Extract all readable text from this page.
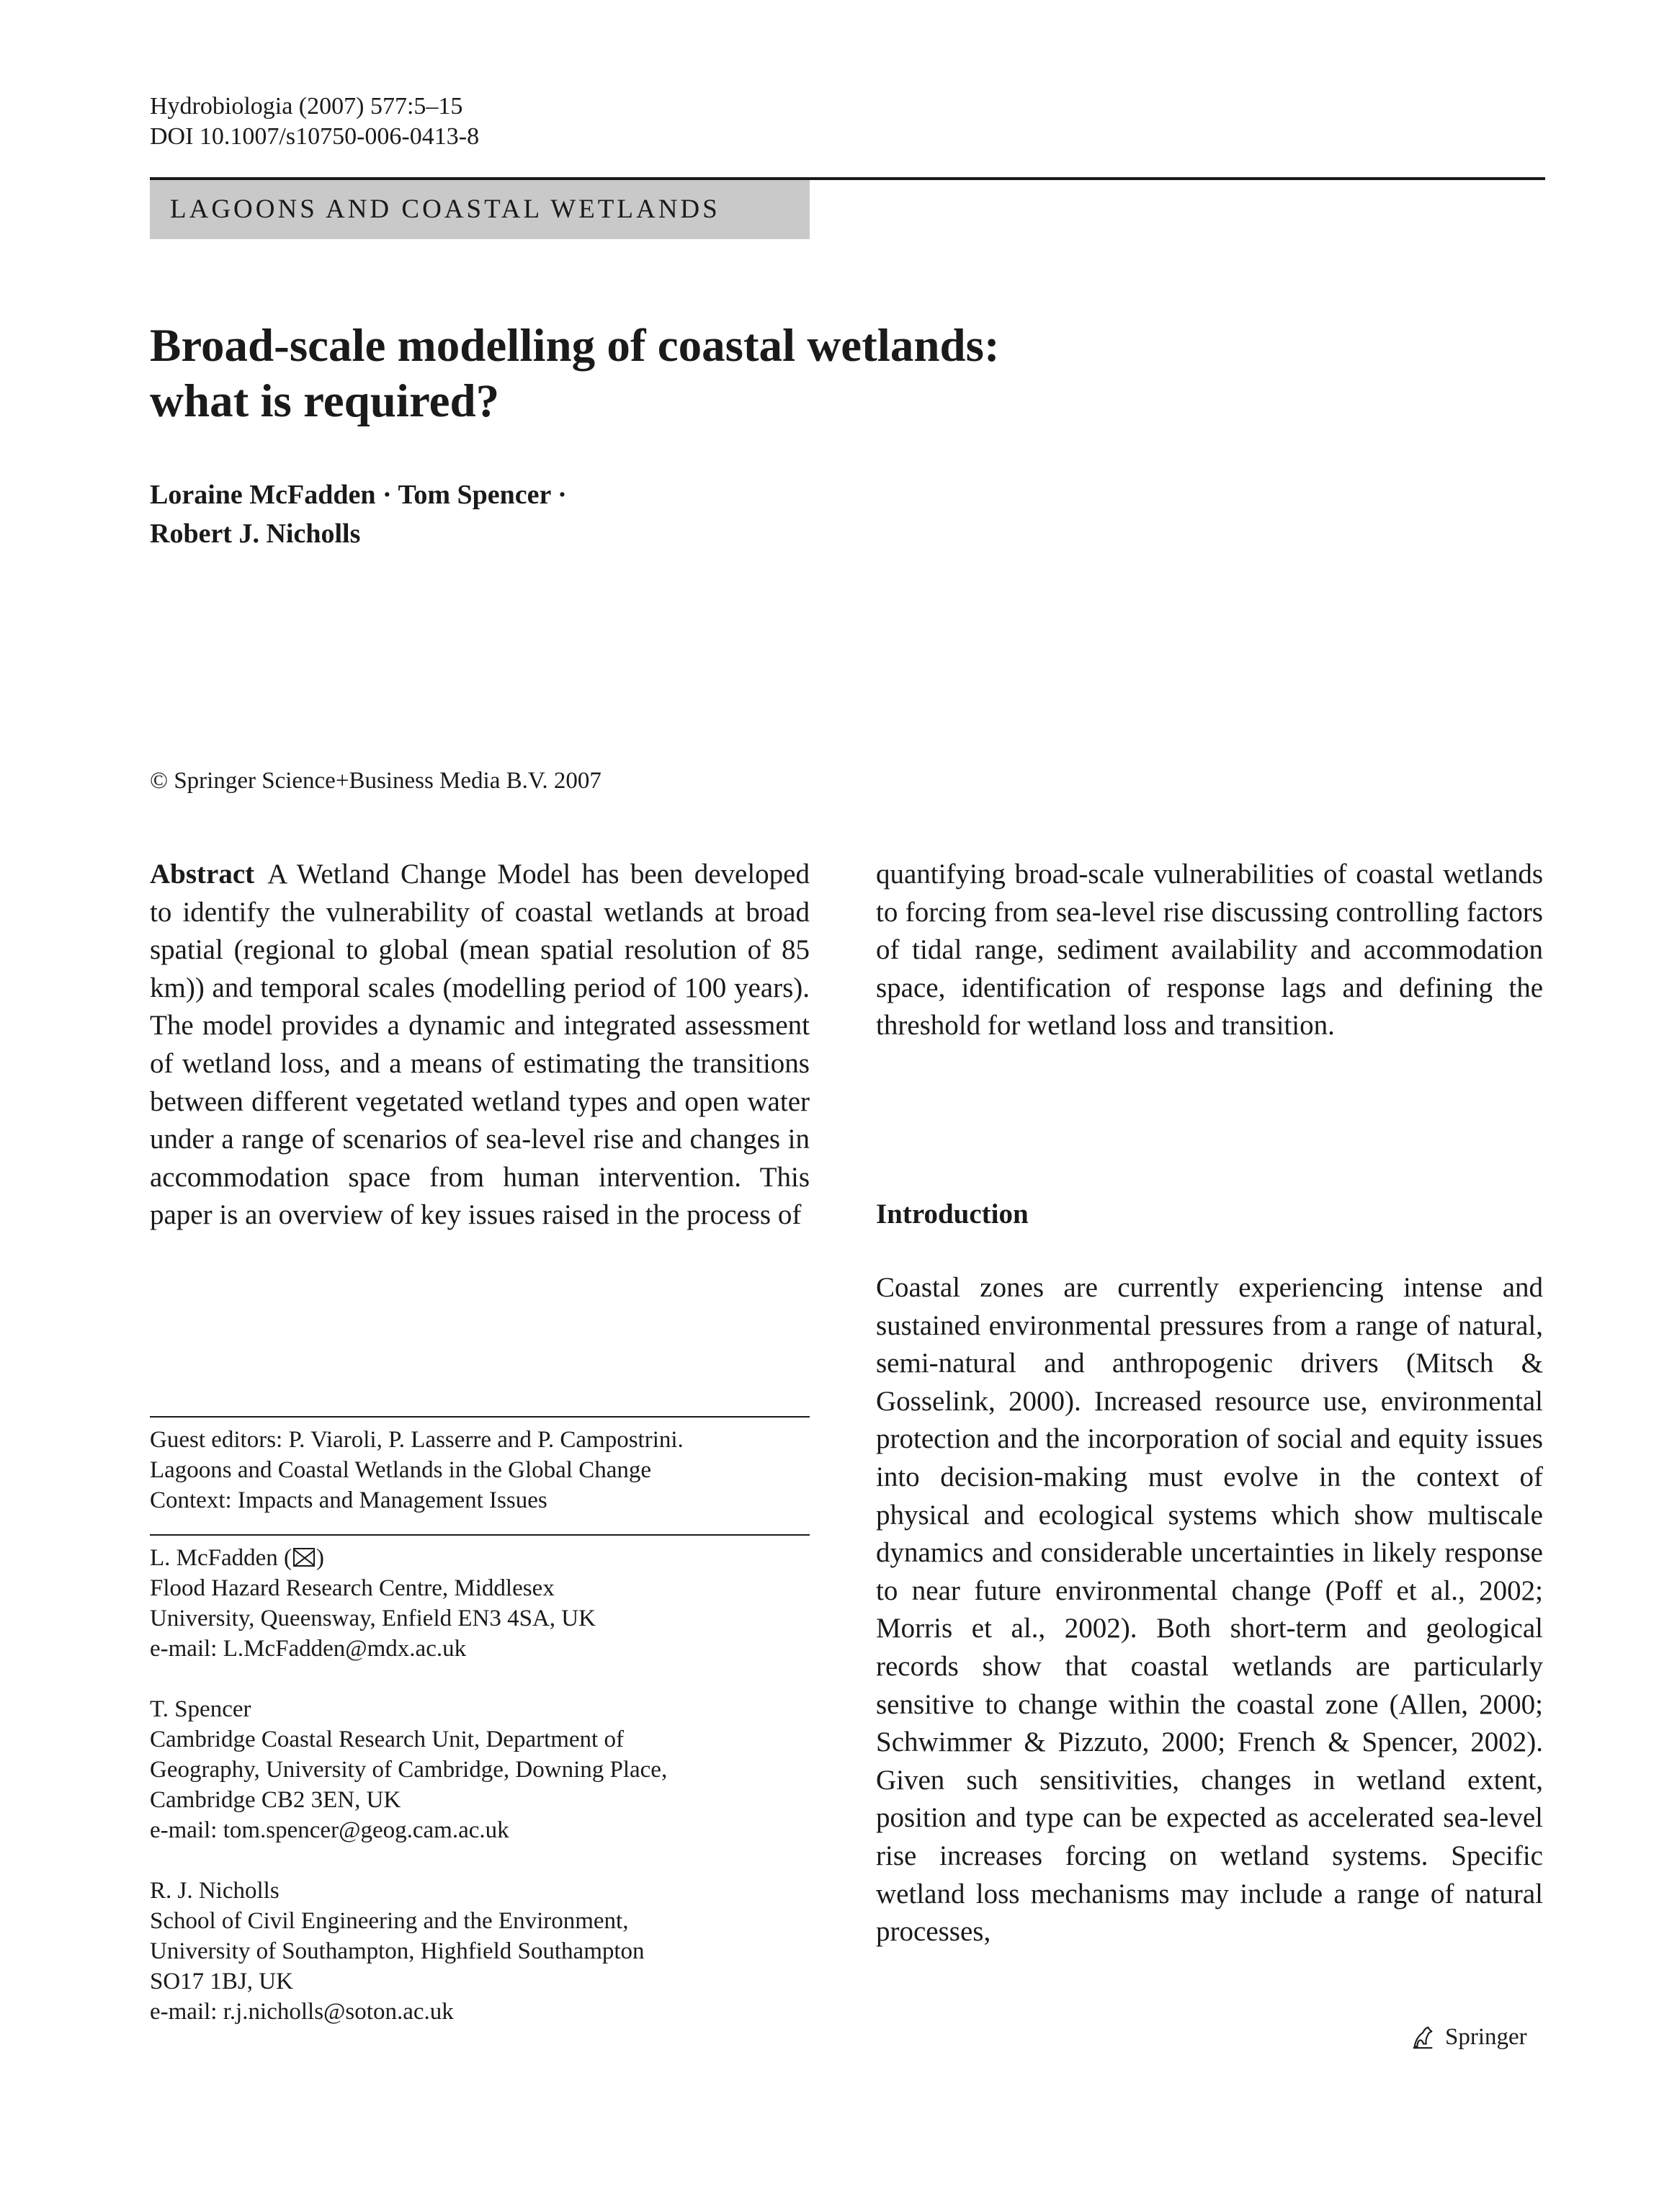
Hydrobiologia (2007) 577:5–15
DOI 10.1007/s10750-006-0413-8
LAGOONS AND COASTAL WETLANDS
Broad-scale modelling of coastal wetlands:
what is required?
Loraine McFadden · Tom Spencer ·
Robert J. Nicholls
© Springer Science+Business Media B.V. 2007
Abstract A Wetland Change Model has been developed to identify the vulnerability of coastal wetlands at broad spatial (regional to global (mean spatial resolution of 85 km)) and temporal scales (modelling period of 100 years). The model provides a dynamic and integrated assessment of wetland loss, and a means of estimating the transitions between different vegetated wetland types and open water under a range of scenarios of sea-level rise and changes in accommodation space from human intervention. This paper is an overview of key issues raised in the process of
quantifying broad-scale vulnerabilities of coastal wetlands to forcing from sea-level rise discussing controlling factors of tidal range, sediment availability and accommodation space, identification of response lags and defining the threshold for wetland loss and transition.
Introduction
Coastal zones are currently experiencing intense and sustained environmental pressures from a range of natural, semi-natural and anthropogenic drivers (Mitsch & Gosselink, 2000). Increased resource use, environmental protection and the incorporation of social and equity issues into decision-making must evolve in the context of physical and ecological systems which show multiscale dynamics and considerable uncertainties in likely response to near future environmental change (Poff et al., 2002; Morris et al., 2002). Both short-term and geological records show that coastal wetlands are particularly sensitive to change within the coastal zone (Allen, 2000; Schwimmer & Pizzuto, 2000; French & Spencer, 2002). Given such sensitivities, changes in wetland extent, position and type can be expected as accelerated sea-level rise increases forcing on wetland systems. Specific wetland loss mechanisms may include a range of natural processes,
Guest editors: P. Viaroli, P. Lasserre and P. Campostrini.
Lagoons and Coastal Wetlands in the Global Change
Context: Impacts and Management Issues
L. McFadden ( )
Flood Hazard Research Centre, Middlesex
University, Queensway, Enfield EN3 4SA, UK
e-mail: L.McFadden@mdx.ac.uk
T. Spencer
Cambridge Coastal Research Unit, Department of
Geography, University of Cambridge, Downing Place,
Cambridge CB2 3EN, UK
e-mail: tom.spencer@geog.cam.ac.uk
R. J. Nicholls
School of Civil Engineering and the Environment,
University of Southampton, Highfield Southampton
SO17 1BJ, UK
e-mail: r.j.nicholls@soton.ac.uk
Springer
